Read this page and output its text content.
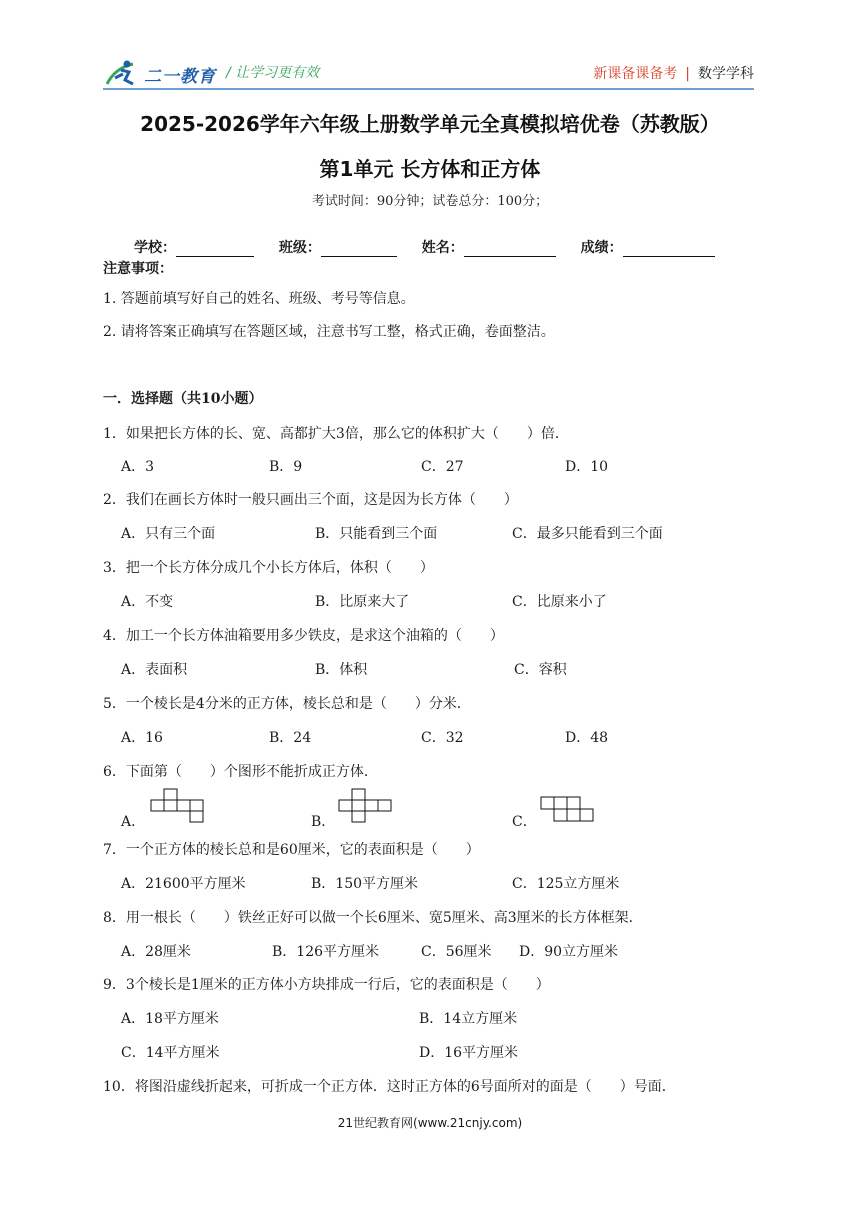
二一教育 / 让学习更有效	新课备课备考 | 数学学科
2025-2026学年六年级上册数学单元全真模拟培优卷（苏教版）
第1单元 长方体和正方体
考试时间：90分钟；试卷总分：100分；
学校：	班级：	姓名：	成绩：
注意事项：
1. 答题前填写好自己的姓名、班级、考号等信息。
2. 请将答案正确填写在答题区域，注意书写工整，格式正确，卷面整洁。
一．选择题（共10小题）
1．如果把长方体的长、宽、高都扩大3倍，那么它的体积扩大（　　）倍．
A．3	B．9	C．27	D．10
2．我们在画长方体时一般只画出三个面，这是因为长方体（　　）
A．只有三个面	B．只能看到三个面	C．最多只能看到三个面
3．把一个长方体分成几个小长方体后，体积（　　）
A．不变	B．比原来大了	C．比原来小了
4．加工一个长方体油箱要用多少铁皮，是求这个油箱的（　　）
A．表面积	B．体积	C．容积
5．一个棱长是4分米的正方体，棱长总和是（　　）分米．
A．16	B．24	C．32	D．48
6．下面第（　　）个图形不能折成正方体．
A．	B．	C．
7．一个正方体的棱长总和是60厘米，它的表面积是（　　）
A．21600平方厘米	B．150平方厘米	C．125立方厘米
8．用一根长（　　）铁丝正好可以做一个长6厘米、宽5厘米、高3厘米的长方体框架．
A．28厘米	B．126平方厘米	C．56厘米 D．90立方厘米
9．3个棱长是1厘米的正方体小方块排成一行后，它的表面积是（　　）
A．18平方厘米	B．14立方厘米
C．14平方厘米	D．16平方厘米
10．将图沿虚线折起来，可折成一个正方体．这时正方体的6号面所对的面是（　　）号面．
21世纪教育网(www.21cnjy.com)
